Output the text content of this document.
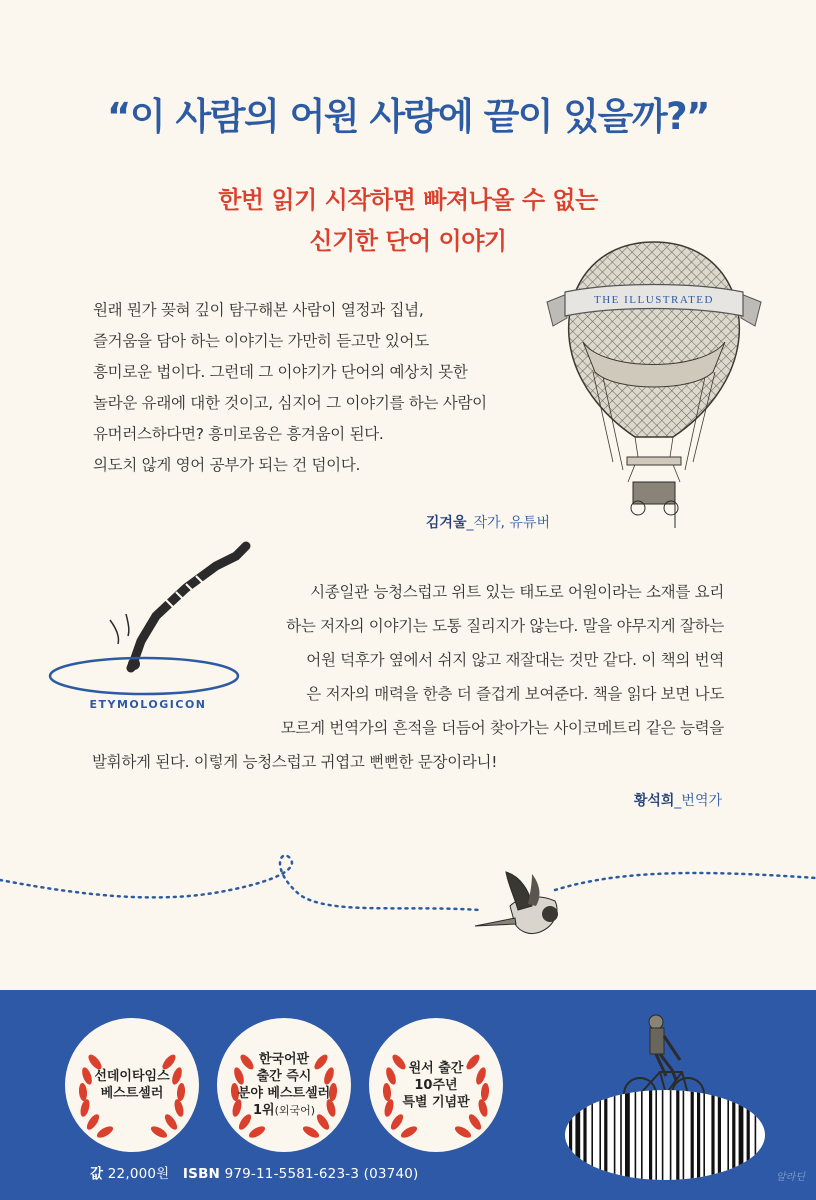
“이 사람의 어원 사랑에 끝이 있을까?”
한번 읽기 시작하면 빠져나올 수 없는
신기한 단어 이야기
원래 뭔가 꽂혀 깊이 탐구해본 사람이 열정과 집념,
즐거움을 담아 하는 이야기는 가만히 듣고만 있어도
흥미로운 법이다. 그런데 그 이야기가 단어의 예상치 못한
놀라운 유래에 대한 것이고, 심지어 그 이야기를 하는 사람이
유머러스하다면? 흥미로움은 흥겨움이 된다.
의도치 않게 영어 공부가 되는 건 덤이다.
김겨울_작가, 유튜버
THE ILLUSTRATED
ETYMOLOGICON
시종일관 능청스럽고 위트 있는 태도로 어원이라는 소재를 요리
하는 저자의 이야기는 도통 질리지가 않는다. 말을 야무지게 잘하는
어원 덕후가 옆에서 쉬지 않고 재잘대는 것만 같다. 이 책의 번역
은 저자의 매력을 한층 더 즐겁게 보여준다. 책을 읽다 보면 나도
모르게 번역가의 흔적을 더듬어 찾아가는 사이코메트리 같은 능력을
발휘하게 된다. 이렇게 능청스럽고 귀엽고 뻔뻔한 문장이라니!
황석희_번역가
선데이타임스
베스트셀러
한국어판
출간 즉시
분야 베스트셀러
1위(외국어)
원서 출간
10주년
특별 기념판
값 22,000원 ISBN 979-11-5581-623-3 (03740)	알라딘
